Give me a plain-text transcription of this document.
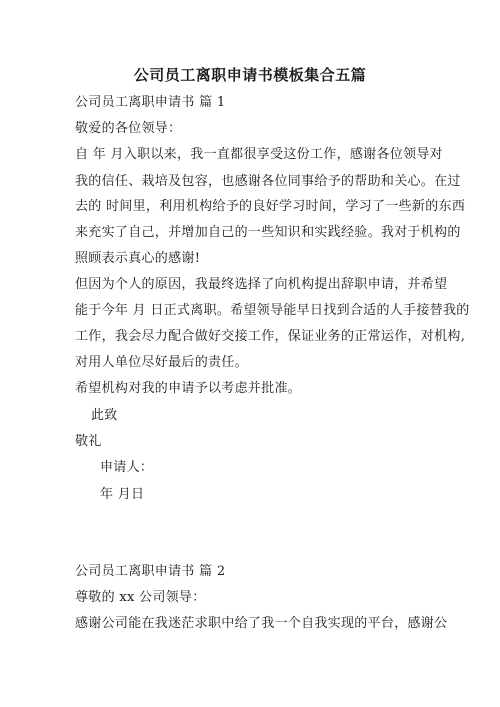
公司员工离职申请书模板集合五篇
公司员工离职申请书 篇 1
敬爱的各位领导：
自 年 月入职以来，我一直都很享受这份工作，感谢各位领导对
我的信任、栽培及包容，也感谢各位同事给予的帮助和关心。在过
去的 时间里，利用机构给予的良好学习时间，学习了一些新的东西
来充实了自己，并增加自己的一些知识和实践经验。我对于机构的
照顾表示真心的感谢!
但因为个人的原因，我最终选择了向机构提出辞职申请，并希望
能于今年 月 日正式离职。希望领导能早日找到合适的人手接替我的
工作，我会尽力配合做好交接工作，保证业务的正常运作，对机构,
对用人单位尽好最后的责任。
希望机构对我的申请予以考虑并批准。
此致
敬礼
申请人：
年 月日
公司员工离职申请书 篇 2
尊敬的 xx 公司领导：
感谢公司能在我迷茫求职中给了我一个自我实现的平台，感谢公
